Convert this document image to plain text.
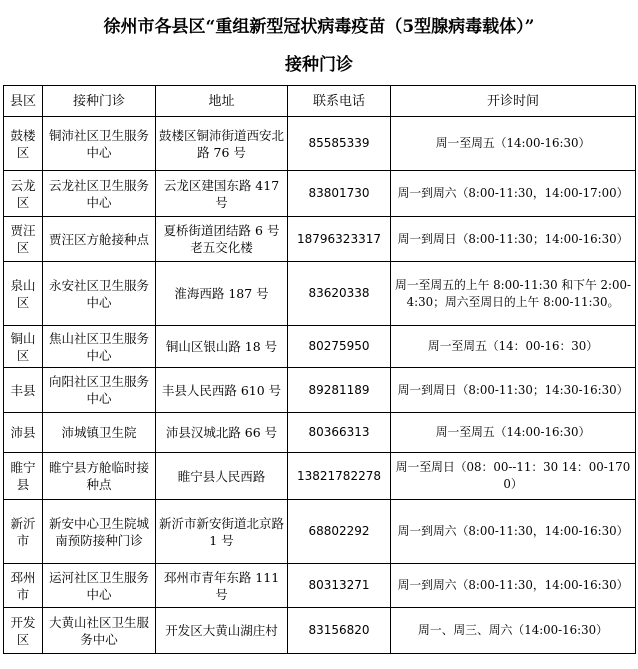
徐州市各县区“重组新型冠状病毒疫苗（5型腺病毒载体）”
接种门诊
县区	接种门诊	地址	联系电话	开诊时间
鼓楼区	铜沛社区卫生服务中心	鼓楼区铜沛街道西安北路 76 号	85585339	周一至周五（14:00-16:30）
云龙区	云龙社区卫生服务中心	云龙区建国东路 417 号	83801730	周一到周六（8:00-11:30，14:00-17:00）
贾汪区	贾汪区方舱接种点	夏桥街道团结路 6 号老五交化楼	18796323317	周一到周日（8:00-11:30；14:00-16:30）
泉山区	永安社区卫生服务中心	淮海西路 187 号	83620338	周一至周五的上午 8:00-11:30 和下午 2:00-4:30；周六至周日的上午 8:00-11:30。
铜山区	焦山社区卫生服务中心	铜山区银山路 18 号	80275950	周一至周五（14：00-16：30）
丰县	向阳社区卫生服务中心	丰县人民西路 610 号	89281189	周一到周日（8:00-11:30；14:30-16:30）
沛县	沛城镇卫生院	沛县汉城北路 66 号	80366313	周一至周五（14:00-16:30）
睢宁县	睢宁县方舱临时接种点	睢宁县人民西路	13821782278	周一至周日（08：00--11：30 14：00-1700）
新沂市	新安中心卫生院城南预防接种门诊	新沂市新安街道北京路 1 号	68802292	周一到周六（8:00-11:30，14:00-16:30）
邳州市	运河社区卫生服务中心	邳州市青年东路 111 号	80313271	周一到周六（8:00-11:30，14:00-16:30）
开发区	大黄山社区卫生服务中心	开发区大黄山湖庄村	83156820	周一、周三、周六（14:00-16:30）
